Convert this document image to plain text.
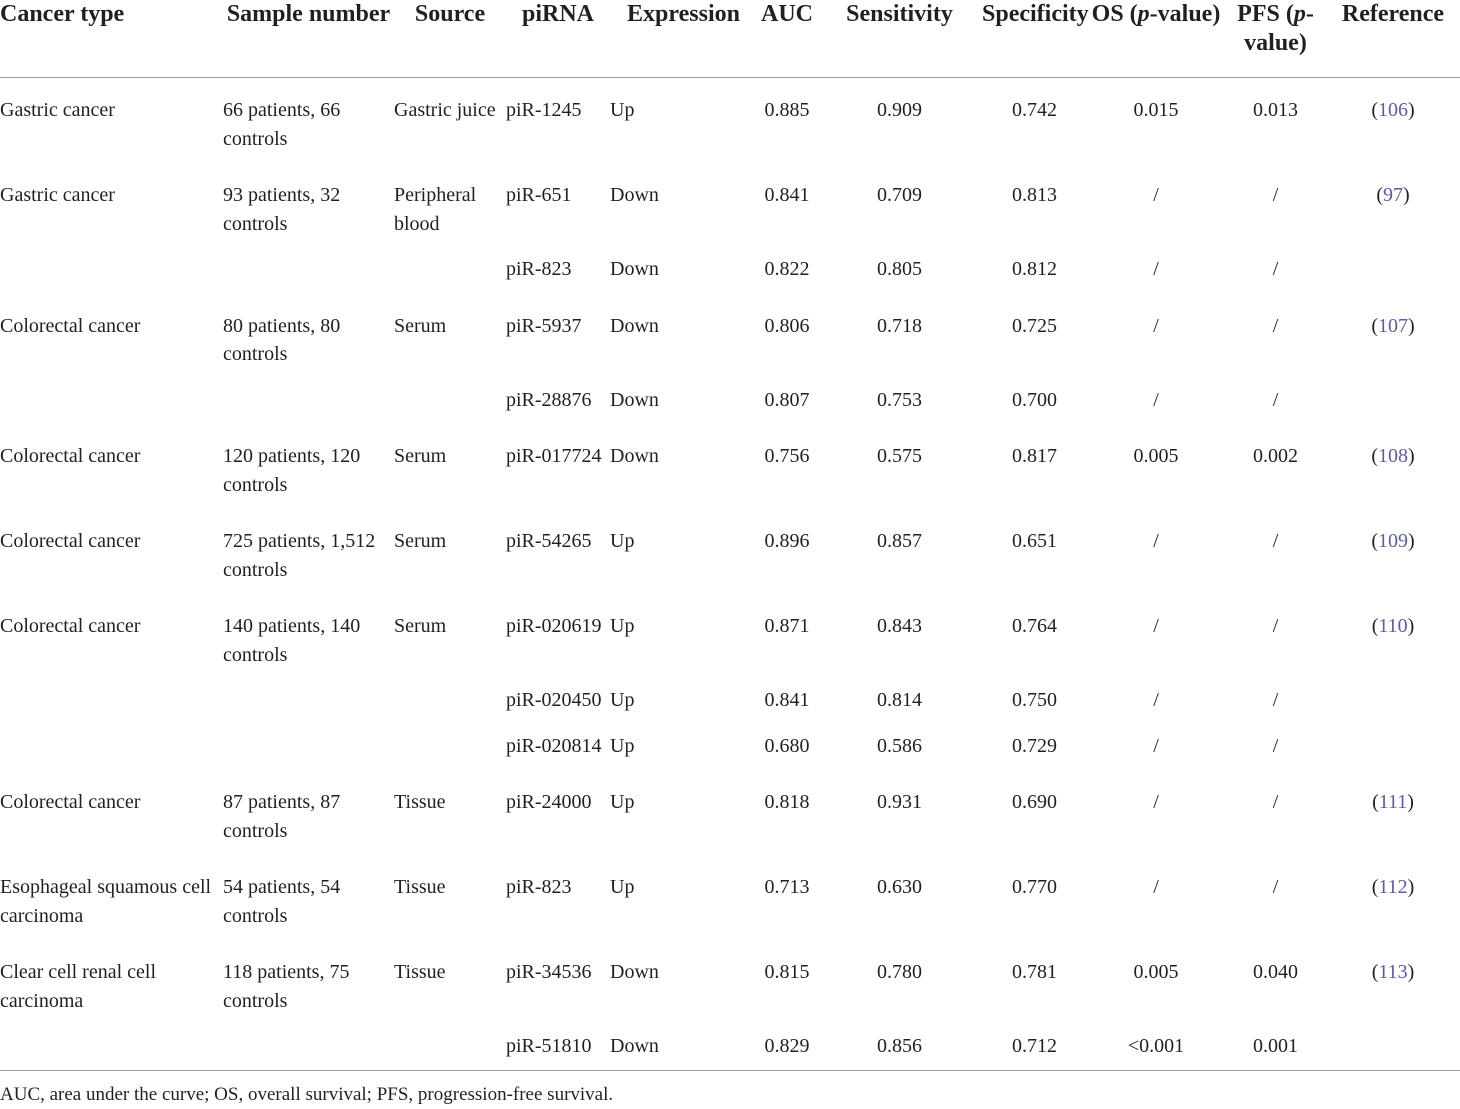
Cancer type	Sample number	Source	piRNA	Expression	AUC	Sensitivity	Specificity	OS (p-value)	PFS (p-value)	Reference
Gastric cancer	66 patients, 66 controls	Gastric juice	piR-1245	Up	0.885	0.909	0.742	0.015	0.013	(106)
Gastric cancer	93 patients, 32 controls	Peripheral blood	piR-651	Down	0.841	0.709	0.813	/	/	(97)
			piR-823	Down	0.822	0.805	0.812	/	/	
Colorectal cancer	80 patients, 80 controls	Serum	piR-5937	Down	0.806	0.718	0.725	/	/	(107)
			piR-28876	Down	0.807	0.753	0.700	/	/	
Colorectal cancer	120 patients, 120 controls	Serum	piR-017724	Down	0.756	0.575	0.817	0.005	0.002	(108)
Colorectal cancer	725 patients, 1,512 controls	Serum	piR-54265	Up	0.896	0.857	0.651	/	/	(109)
Colorectal cancer	140 patients, 140 controls	Serum	piR-020619	Up	0.871	0.843	0.764	/	/	(110)
			piR-020450	Up	0.841	0.814	0.750	/	/	
			piR-020814	Up	0.680	0.586	0.729	/	/	
Colorectal cancer	87 patients, 87 controls	Tissue	piR-24000	Up	0.818	0.931	0.690	/	/	(111)
Esophageal squamous cell carcinoma	54 patients, 54 controls	Tissue	piR-823	Up	0.713	0.630	0.770	/	/	(112)
Clear cell renal cell carcinoma	118 patients, 75 controls	Tissue	piR-34536	Down	0.815	0.780	0.781	0.005	0.040	(113)
			piR-51810	Down	0.829	0.856	0.712	<0.001	0.001	
AUC, area under the curve; OS, overall survival; PFS, progression-free survival.										
